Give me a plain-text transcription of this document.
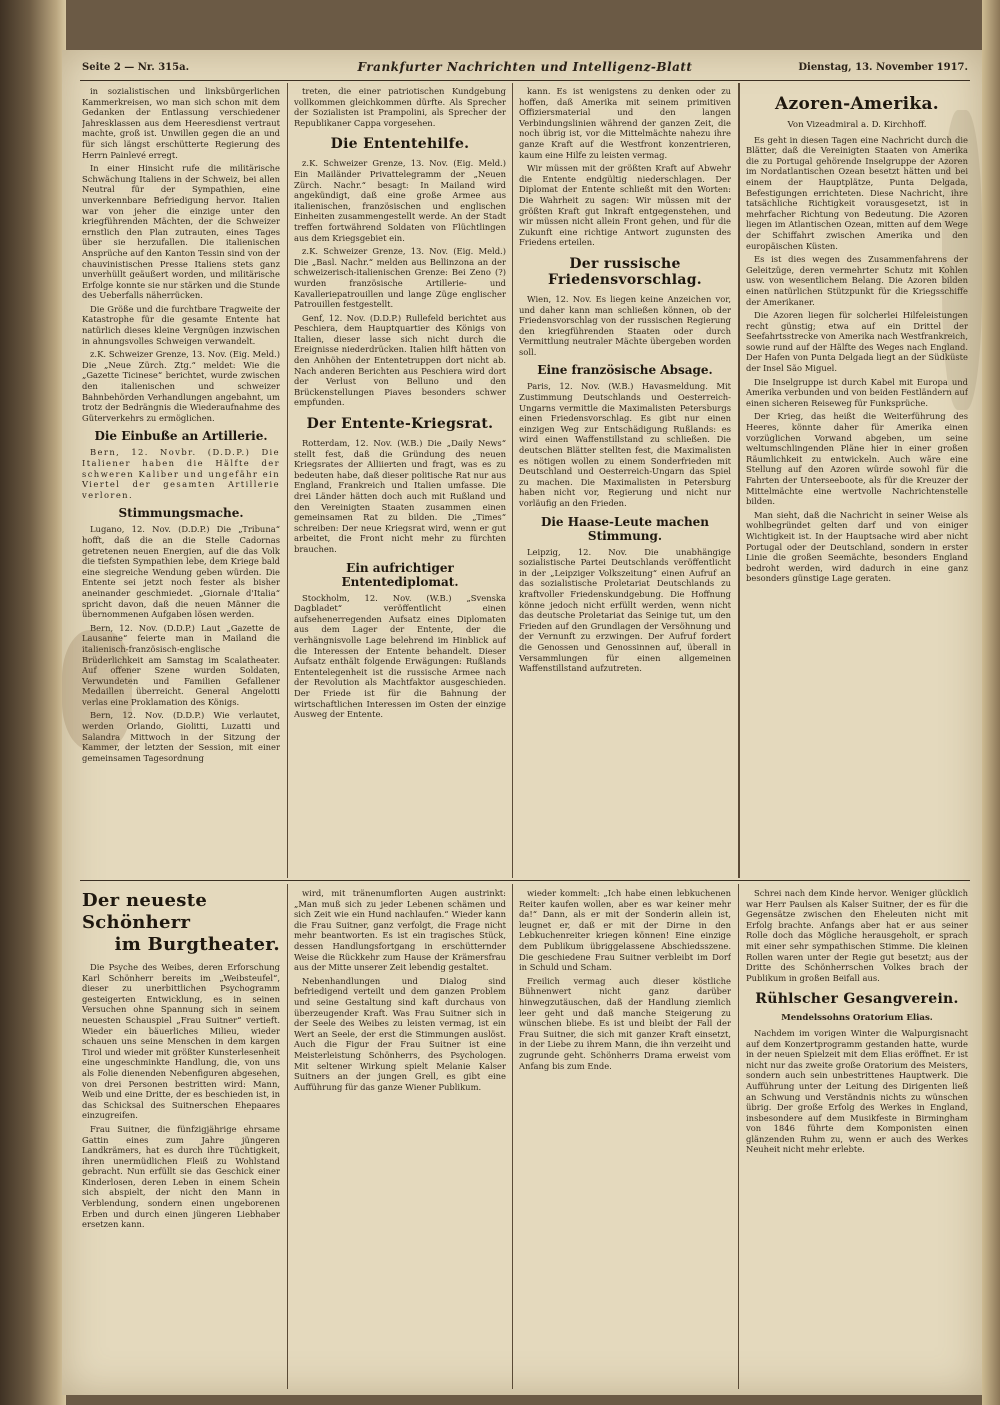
Seite 2 — Nr. 315a.	Frankfurter Nachrichten und Intelligenz-Blatt	Dienstag, 13. November 1917.

in sozialistischen und linksbürgerlichen Kammerkreisen, wo man sich schon mit dem Gedanken der Entlassung verschiedener Jahresklassen aus dem Heeresdienst vertraut machte, groß ist. Unwillen gegen die an und für sich längst erschütterte Regierung des Herrn Painlevé erregt.

In einer Hinsicht rufe die militärische Schwächung Italiens in der Schweiz, bei allen Neutral für der Sympathien, eine unverkennbare Befriedigung hervor. Italien war von jeher die einzige unter den kriegführenden Mächten, der die Schweizer ernstlich den Plan zutrauten, eines Tages über sie herzufallen. Die italienischen Ansprüche auf den Kanton Tessin sind von der chauvinistischen Presse Italiens stets ganz unverhüllt geäußert worden, und militärische Erfolge konnte sie nur stärken und die Stunde des Ueberfalls näherrücken.

Die Größe und die furchtbare Tragweite der Katastrophe für die gesamte Entente hat natürlich dieses kleine Vergnügen inzwischen in ahnungsvolles Schweigen verwandelt.

z.K. Schweizer Grenze, 13. Nov. (Eig. Meld.) Die „Neue Zürch. Ztg.“ meldet: Wie die „Gazette Ticinese“ berichtet, wurde zwischen den italienischen und schweizer Bahnbehörden Verhandlungen angebahnt, um trotz der Bedrängnis die Wiederaufnahme des Güterverkehrs zu ermöglichen.

Die Einbuße an Artillerie.

Bern, 12. Novbr. (D.D.P.) Die Italiener haben die Hälfte der schweren Kaliber und ungefähr ein Viertel der gesamten Artillerie verloren.

Stimmungsmache.

Lugano, 12. Nov. (D.D.P.) Die „Tribuna“ hofft, daß die an die Stelle Cadornas getretenen neuen Energien, auf die das Volk die tiefsten Sympathien lebe, dem Kriege bald eine siegreiche Wendung geben würden. Die Entente sei jetzt noch fester als bisher aneinander geschmiedet. „Giornale d'Italia“ spricht davon, daß die neuen Männer die übernommenen Aufgaben lösen werden.

Bern, 12. Nov. (D.D.P.) Laut „Gazette de Lausanne“ feierte man in Mailand die italienisch-französisch-englische Brüderlichkeit am Samstag im Scalatheater. Auf offener Szene wurden Soldaten, Verwundeten und Familien Gefallener Medaillen überreicht. General Angelotti verlas eine Proklamation des Königs.

Bern, 12. Nov. (D.D.P.) Wie verlautet, werden Orlando, Giolitti, Luzatti und Salandra Mittwoch in der Sitzung der Kammer, der letzten der Session, mit einer gemeinsamen Tagesordnung

treten, die einer patriotischen Kundgebung vollkommen gleichkommen dürfte. Als Sprecher der Sozialisten ist Prampolini, als Sprecher der Republikaner Cappa vorgesehen.

Die Ententehilfe.

z.K. Schweizer Grenze, 13. Nov. (Eig. Meld.) Ein Mailänder Privattelegramm der „Neuen Zürch. Nachr.“ besagt: In Mailand wird angekündigt, daß eine große Armee aus italienischen, französischen und englischen Einheiten zusammengestellt werde. An der Stadt treffen fortwährend Soldaten von Flüchtlingen aus dem Kriegsgebiet ein.

z.K. Schweizer Grenze, 13. Nov. (Eig. Meld.) Die „Basl. Nachr.“ melden aus Bellinzona an der schweizerisch-italienischen Grenze: Bei Zeno (?) wurden französische Artillerie- und Kavalleriepatrouillen und lange Züge englischer Patrouillen festgestellt.

Genf, 12. Nov. (D.D.P.) Rullefeld berichtet aus Peschiera, dem Hauptquartier des Königs von Italien, dieser lasse sich nicht durch die Ereignisse niederdrücken. Italien hilft hätten von den Anhöhen der Ententetruppen dort nicht ab. Nach anderen Berichten aus Peschiera wird dort der Verlust von Belluno und den Brückenstellungen Piaves besonders schwer empfunden.

Der Entente-Kriegsrat.

Rotterdam, 12. Nov. (W.B.) Die „Daily News“ stellt fest, daß die Gründung des neuen Kriegsrates der Alliierten und fragt, was es zu bedeuten habe, daß dieser politische Rat nur aus England, Frankreich und Italien umfasse. Die drei Länder hätten doch auch mit Rußland und den Vereinigten Staaten zusammen einen gemeinsamen Rat zu bilden. Die „Times“ schreiben: Der neue Kriegsrat wird, wenn er gut arbeitet, die Front nicht mehr zu fürchten brauchen.

Ein aufrichtiger Ententediplomat.

Stockholm, 12. Nov. (W.B.) „Svenska Dagbladet“ veröffentlicht einen aufsehenerregenden Aufsatz eines Diplomaten aus dem Lager der Entente, der die verhängnisvolle Lage belehrend im Hinblick auf die Interessen der Entente behandelt. Dieser Aufsatz enthält folgende Erwägungen: Rußlands Ententelegenheit ist die russische Armee nach der Revolution als Machtfaktor ausgeschieden. Der Friede ist für die Bahnung der wirtschaftlichen Interessen im Osten der einzige Ausweg der Entente.

kann. Es ist wenigstens zu denken oder zu hoffen, daß Amerika mit seinem primitiven Offiziersmaterial und den langen Verbindungslinien während der ganzen Zeit, die noch übrig ist, vor die Mittelmächte nahezu ihre ganze Kraft auf die Westfront konzentrieren, kaum eine Hilfe zu leisten vermag.

Wir müssen mit der größten Kraft auf Abwehr die Entente endgültig niederschlagen. Der Diplomat der Entente schließt mit den Worten: Die Wahrheit zu sagen: Wir müssen mit der größten Kraft gut Inkraft entgegenstehen, und wir müssen nicht allein Front gehen, und für die Zukunft eine richtige Antwort zugunsten des Friedens erteilen.

Der russische Friedensvorschlag.

Wien, 12. Nov. Es liegen keine Anzeichen vor, und daher kann man schließen können, ob der Friedensvorschlag von der russischen Regierung den kriegführenden Staaten oder durch Vermittlung neutraler Mächte übergeben worden soll.

Eine französische Absage.

Paris, 12. Nov. (W.B.) Havasmeldung. Mit Zustimmung Deutschlands und Oesterreich-Ungarns vermittle die Maximalisten Petersburgs einen Friedensvorschlag. Es gibt nur einen einzigen Weg zur Entschädigung Rußlands: es wird einen Waffenstillstand zu schließen. Die deutschen Blätter stellten fest, die Maximalisten es nötigen wollen zu einem Sonderfrieden mit Deutschland und Oesterreich-Ungarn das Spiel zu machen. Die Maximalisten in Petersburg haben nicht vor, Regierung und nicht nur vorläufig an den Frieden.

Die Haase-Leute machen Stimmung.

Leipzig, 12. Nov. Die unabhängige sozialistische Partei Deutschlands veröffentlicht in der „Leipziger Volkszeitung“ einen Aufruf an das sozialistische Proletariat Deutschlands zu kraftvoller Friedenskundgebung. Die Hoffnung könne jedoch nicht erfüllt werden, wenn nicht das deutsche Proletariat das Seinige tut, um den Frieden auf den Grundlagen der Versöhnung und der Vernunft zu erzwingen. Der Aufruf fordert die Genossen und Genossinnen auf, überall in Versammlungen für einen allgemeinen Waffenstillstand aufzutreten.

Azoren-Amerika.
Von Vizeadmiral a. D. Kirchhoff.

Es geht in diesen Tagen eine Nachricht durch die Blätter, daß die Vereinigten Staaten von Amerika die zu Portugal gehörende Inselgruppe der Azoren im Nordatlantischen Ozean besetzt hätten und bei einem der Hauptplätze, Punta Delgada, Befestigungen errichteten. Diese Nachricht, ihre tatsächliche Richtigkeit vorausgesetzt, ist in mehrfacher Richtung von Bedeutung. Die Azoren liegen im Atlantischen Ozean, mitten auf dem Wege der Schiffahrt zwischen Amerika und den europäischen Küsten.

Es ist dies wegen des Zusammenfahrens der Geleitzüge, deren vermehrter Schutz mit Kohlen usw. von wesentlichem Belang. Die Azoren bilden einen natürlichen Stützpunkt für die Kriegsschiffe der Amerikaner.

Die Azoren liegen für solcherlei Hilfeleistungen recht günstig; etwa auf ein Drittel der Seefahrtsstrecke von Amerika nach Westfrankreich, sowie rund auf der Hälfte des Weges nach England. Der Hafen von Punta Delgada liegt an der Südküste der Insel São Miguel.

Die Inselgruppe ist durch Kabel mit Europa und Amerika verbunden und von beiden Festländern auf einen sicheren Reiseweg für Funksprüche.

Der Krieg, das heißt die Weiterführung des Heeres, könnte daher für Amerika einen vorzüglichen Vorwand abgeben, um seine weltumschlingenden Pläne hier in einer großen Räumlichkeit zu entwickeln. Auch wäre eine Stellung auf den Azoren würde sowohl für die Fahrten der Unterseeboote, als für die Kreuzer der Mittelmächte eine wertvolle Nachrichtenstelle bilden.

Man sieht, daß die Nachricht in seiner Weise als wohlbegründet gelten darf und von einiger Wichtigkeit ist. In der Hauptsache wird aber nicht Portugal oder der Deutschland, sondern in erster Linie die großen Seemächte, besonders England bedroht werden, wird dadurch in eine ganz besonders günstige Lage geraten.

Der neueste Schönherr
im Burgtheater.

Die Psyche des Weibes, deren Erforschung Karl Schönherr bereits im „Weibsteufel“, dieser zu unerbittlichen Psychogramm gesteigerten Entwicklung, es in seinen Versuchen ohne Spannung sich in seinem neuesten Schauspiel „Frau Suitner“ vertieft. Wieder ein bäuerliches Milieu, wieder schauen uns seine Menschen in dem kargen Tirol und wieder mit größter Kunsterlesenheit eine ungeschminkte Handlung, die, von uns als Folie dienenden Nebenfiguren abgesehen, von drei Personen bestritten wird: Mann, Weib und eine Dritte, der es beschieden ist, in das Schicksal des Suitnerschen Ehepaares einzugreifen.

Frau Suitner, die fünfzigjährige ehrsame Gattin eines zum Jahre jüngeren Landkrämers, hat es durch ihre Tüchtigkeit, ihren unermüdlichen Fleiß zu Wohlstand gebracht. Nun erfüllt sie das Geschick einer Kinderlosen, deren Leben in einem Schein sich abspielt, der nicht den Mann in Verblendung, sondern einen ungeborenen Erben und durch einen jüngeren Liebhaber ersetzen kann.

wird, mit tränenumflorten Augen austrinkt: „Man muß sich zu jeder Lebenen schämen und sich Zeit wie ein Hund nachlaufen.“ Wieder kann die Frau Suitner, ganz verfolgt, die Frage nicht mehr beantworten. Es ist ein tragisches Stück, dessen Handlungsfortgang in erschütternder Weise die Rückkehr zum Hause der Krämersfrau aus der Mitte unserer Zeit lebendig gestaltet.

Nebenhandlungen und Dialog sind befriedigend verteilt und dem ganzen Problem und seine Gestaltung sind kaft durchaus von überzeugender Kraft. Was Frau Suitner sich in der Seele des Weibes zu leisten vermag, ist ein Wert an Seele, der erst die Stimmungen auslöst. Auch die Figur der Frau Suitner ist eine Meisterleistung Schönherrs, des Psychologen. Mit seltener Wirkung spielt Melanie Kalser Suitners an der jungen Grell, es gibt eine Aufführung für das ganze Wiener Publikum.

wieder kommelt: „Ich habe einen lebkuchenen Reiter kaufen wollen, aber es war keiner mehr da!“ Dann, als er mit der Sonderin allein ist, leugnet er, daß er mit der Dirne in den Lebkuchenreiter kriegen können! Eine einzige dem Publikum übriggelassene Abschiedsszene. Die geschiedene Frau Suitner verbleibt im Dorf in Schuld und Scham.

Freilich vermag auch dieser köstliche Bühnenwert nicht ganz darüber hinwegzutäuschen, daß der Handlung ziemlich leer geht und daß manche Steigerung zu wünschen bliebe. Es ist und bleibt der Fall der Frau Suitner, die sich mit ganzer Kraft einsetzt, in der Liebe zu ihrem Mann, die ihn verzeiht und zugrunde geht. Schönherrs Drama erweist vom Anfang bis zum Ende.

Schrei nach dem Kinde hervor. Weniger glücklich war Herr Paulsen als Kalser Suitner, der es für die Gegensätze zwischen den Eheleuten nicht mit Erfolg brachte. Anfangs aber hat er aus seiner Rolle doch das Mögliche herausgeholt, er sprach mit einer sehr sympathischen Stimme. Die kleinen Rollen waren unter der Regie gut besetzt; aus der Dritte des Schönherrschen Volkes brach der Publikum in großen Beifall aus.

Rühlscher Gesangverein.
Mendelssohns Oratorium Elias.

Nachdem im vorigen Winter die Walpurgisnacht auf dem Konzertprogramm gestanden hatte, wurde in der neuen Spielzeit mit dem Elias eröffnet. Er ist nicht nur das zweite große Oratorium des Meisters, sondern auch sein unbestrittenes Hauptwerk. Die Aufführung unter der Leitung des Dirigenten ließ an Schwung und Verständnis nichts zu wünschen übrig. Der große Erfolg des Werkes in England, insbesondere auf dem Musikfeste in Birmingham von 1846 führte dem Komponisten einen glänzenden Ruhm zu, wenn er auch des Werkes Neuheit nicht mehr erlebte.
